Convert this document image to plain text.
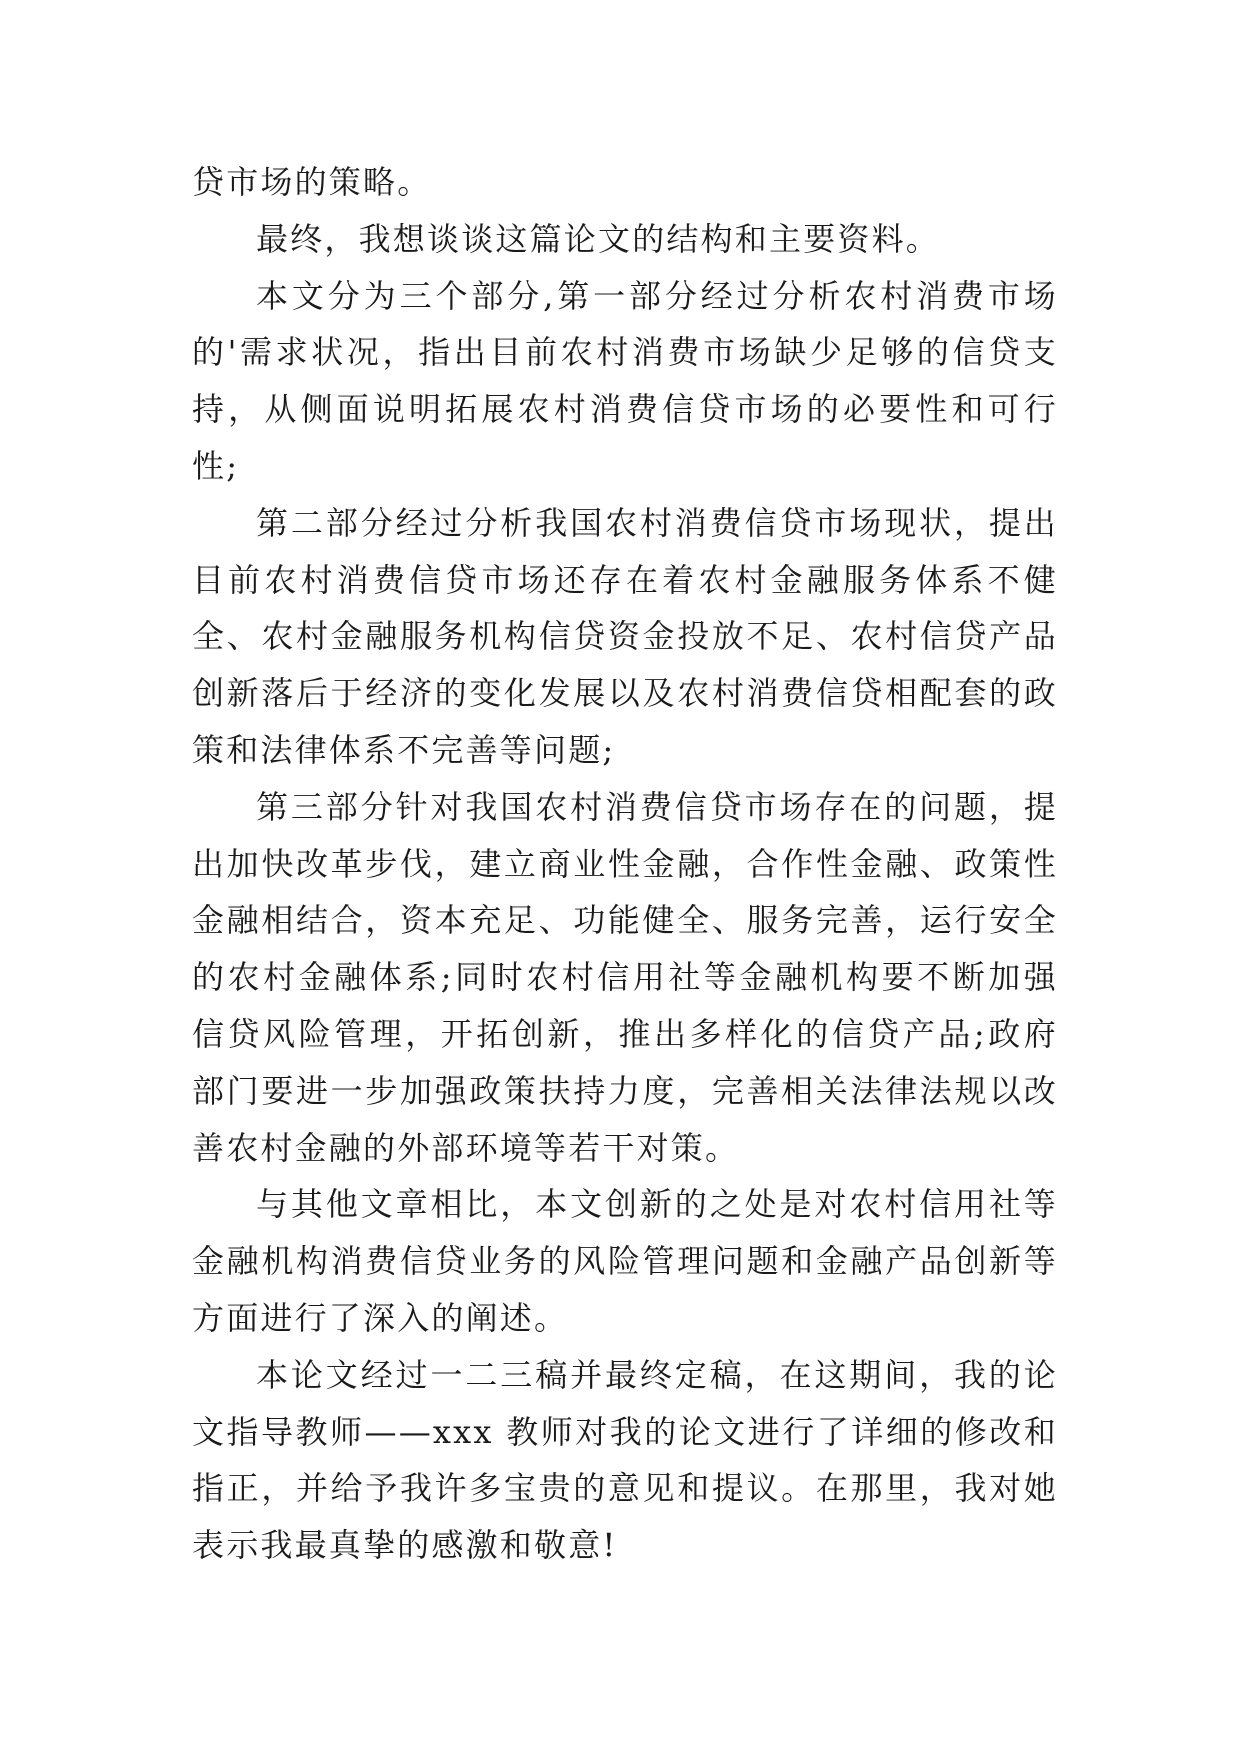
贷市场的策略。

最终，我想谈谈这篇论文的结构和主要资料。

本文分为三个部分,第一部分经过分析农村消费市场的'需求状况，指出目前农村消费市场缺少足够的信贷支持，从侧面说明拓展农村消费信贷市场的必要性和可行性;

第二部分经过分析我国农村消费信贷市场现状，提出目前农村消费信贷市场还存在着农村金融服务体系不健全、农村金融服务机构信贷资金投放不足、农村信贷产品创新落后于经济的变化发展以及农村消费信贷相配套的政策和法律体系不完善等问题;

第三部分针对我国农村消费信贷市场存在的问题，提出加快改革步伐，建立商业性金融，合作性金融、政策性金融相结合，资本充足、功能健全、服务完善，运行安全的农村金融体系;同时农村信用社等金融机构要不断加强信贷风险管理，开拓创新，推出多样化的信贷产品;政府部门要进一步加强政策扶持力度，完善相关法律法规以改善农村金融的外部环境等若干对策。

与其他文章相比，本文创新的之处是对农村信用社等金融机构消费信贷业务的风险管理问题和金融产品创新等方面进行了深入的阐述。

本论文经过一二三稿并最终定稿，在这期间，我的论文指导教师——xxx 教师对我的论文进行了详细的修改和指正，并给予我许多宝贵的意见和提议。在那里，我对她表示我最真挚的感激和敬意!
